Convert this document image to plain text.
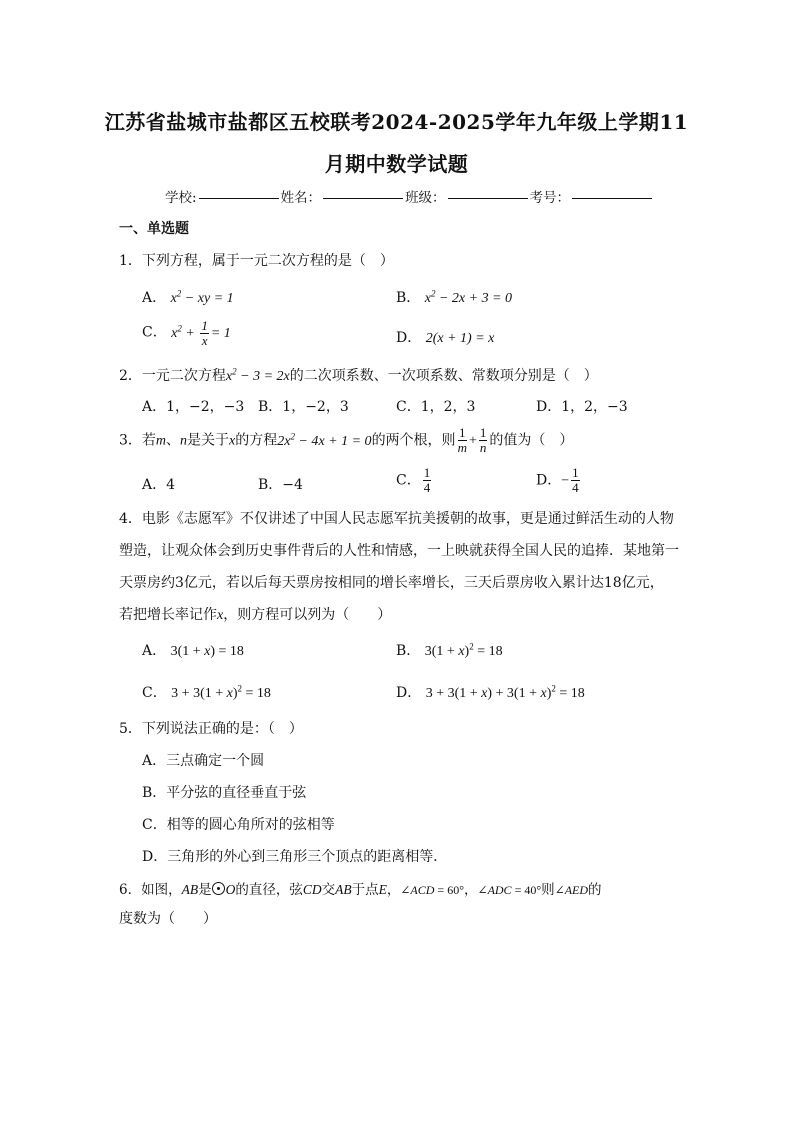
江苏省盐城市盐都区五校联考2024-2025学年九年级上学期11
月期中数学试题
学校:	姓名：	班级：	考号：
一、单选题
1．下列方程，属于一元二次方程的是（　）
A． $x^2$ − xy = 1	B． $x^2 - 2x + 3 = 0$
C． $x^2 + \frac{1}{x} = 1$	D． 2(x + 1) = x
2．一元二次方程$x^2 - 3 = 2x$的二次项系数、一次项系数、常数项分别是（　）
A．1，−2，−3 B．1，−2，3	C．1，2，3	D．1，2，−3
3．若m、n是关于x的方程$2x^2 - 4x + 1 = 0$的两个根，则 $\frac{1}{m} + \frac{1}{n}$ 的值为（　）
A．4	B．−4	C． $\frac{1}{4}$	D．− $\frac{1}{4}$
4．电影《志愿军》不仅讲述了中国人民志愿军抗美援朝的故事，更是通过鲜活生动的人物
塑造，让观众体会到历史事件背后的人性和情感，一上映就获得全国人民的追捧．某地第一
天票房约3亿元，若以后每天票房按相同的增长率增长，三天后票房收入累计达18亿元，
若把增长率记作x，则方程可以列为（　　）
A． 3(1 + x) = 18	B． $3(1 + x)^2 = 18$
C． $3 + 3(1 + x)^2 = 18$	D． $3 + 3(1 + x) + 3(1 + x)^2 = 18$
5．下列说法正确的是：（　）
A．三点确定一个圆
B．平分弦的直径垂直于弦
C．相等的圆心角所对的弦相等
D．三角形的外心到三角形三个顶点的距离相等．
6．如图，AB是 O的直径，弦CD交AB于点E，∠ACD = 60°，∠ADC = 40°则∠AED的
度数为（　　）
